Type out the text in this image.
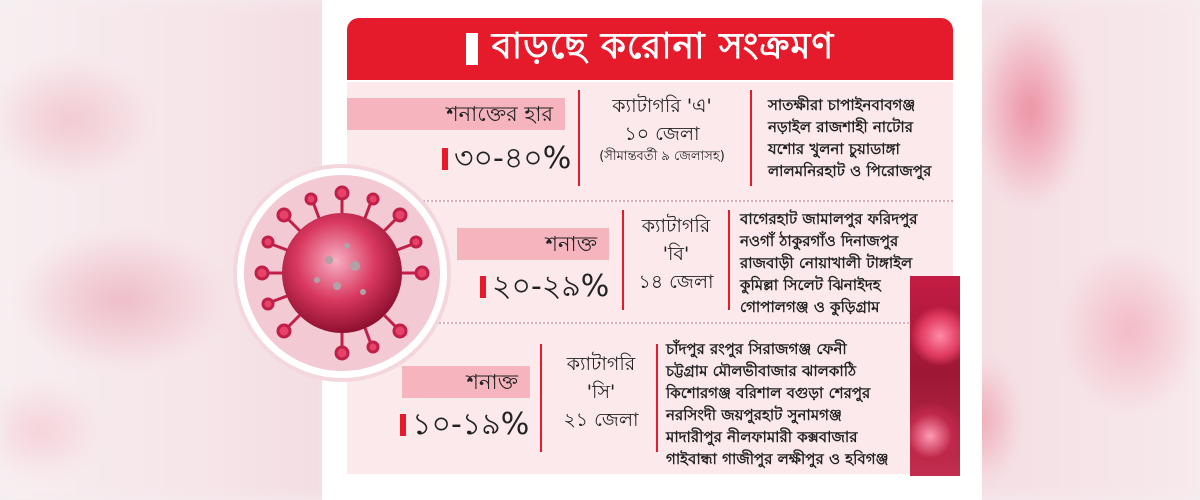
বাড়ছে করোনা সংক্রমণ
শনাক্তের হার
৩০-৪০%
ক্যাটাগরি 'এ'
১০ জেলা
(সীমান্তবর্তী ৯ জেলাসহ)
সাতক্ষীরা চাপাইনবাবগঞ্জ
নড়াইল রাজশাহী নাটোর
যশোর খুলনা চুয়াডাঙ্গা
লালমনিরহাট ও পিরোজপুর
শনাক্ত
২০-২৯%
ক্যাটাগরি
'বি'
১৪ জেলা
বাগেরহাট জামালপুর ফরিদপুর
নওগাঁ ঠাকুরগাঁও দিনাজপুর
রাজবাড়ী নোয়াখালী টাঙ্গাইল
কুমিল্লা সিলেট ঝিনাইদহ
গোপালগঞ্জ ও কুড়িগ্রাম
শনাক্ত
১০-১৯%
ক্যাটাগরি
'সি'
২১ জেলা
চাঁদপুর রংপুর সিরাজগঞ্জ ফেনী
চট্টগ্রাম মৌলভীবাজার ঝালকাঠি
কিশোরগঞ্জ বরিশাল বগুড়া শেরপুর
নরসিংদী জয়পুরহাট সুনামগঞ্জ
মাদারীপুর নীলফামারী কক্সবাজার
গাইবান্ধা গাজীপুর লক্ষীপুর ও হবিগঞ্জ
